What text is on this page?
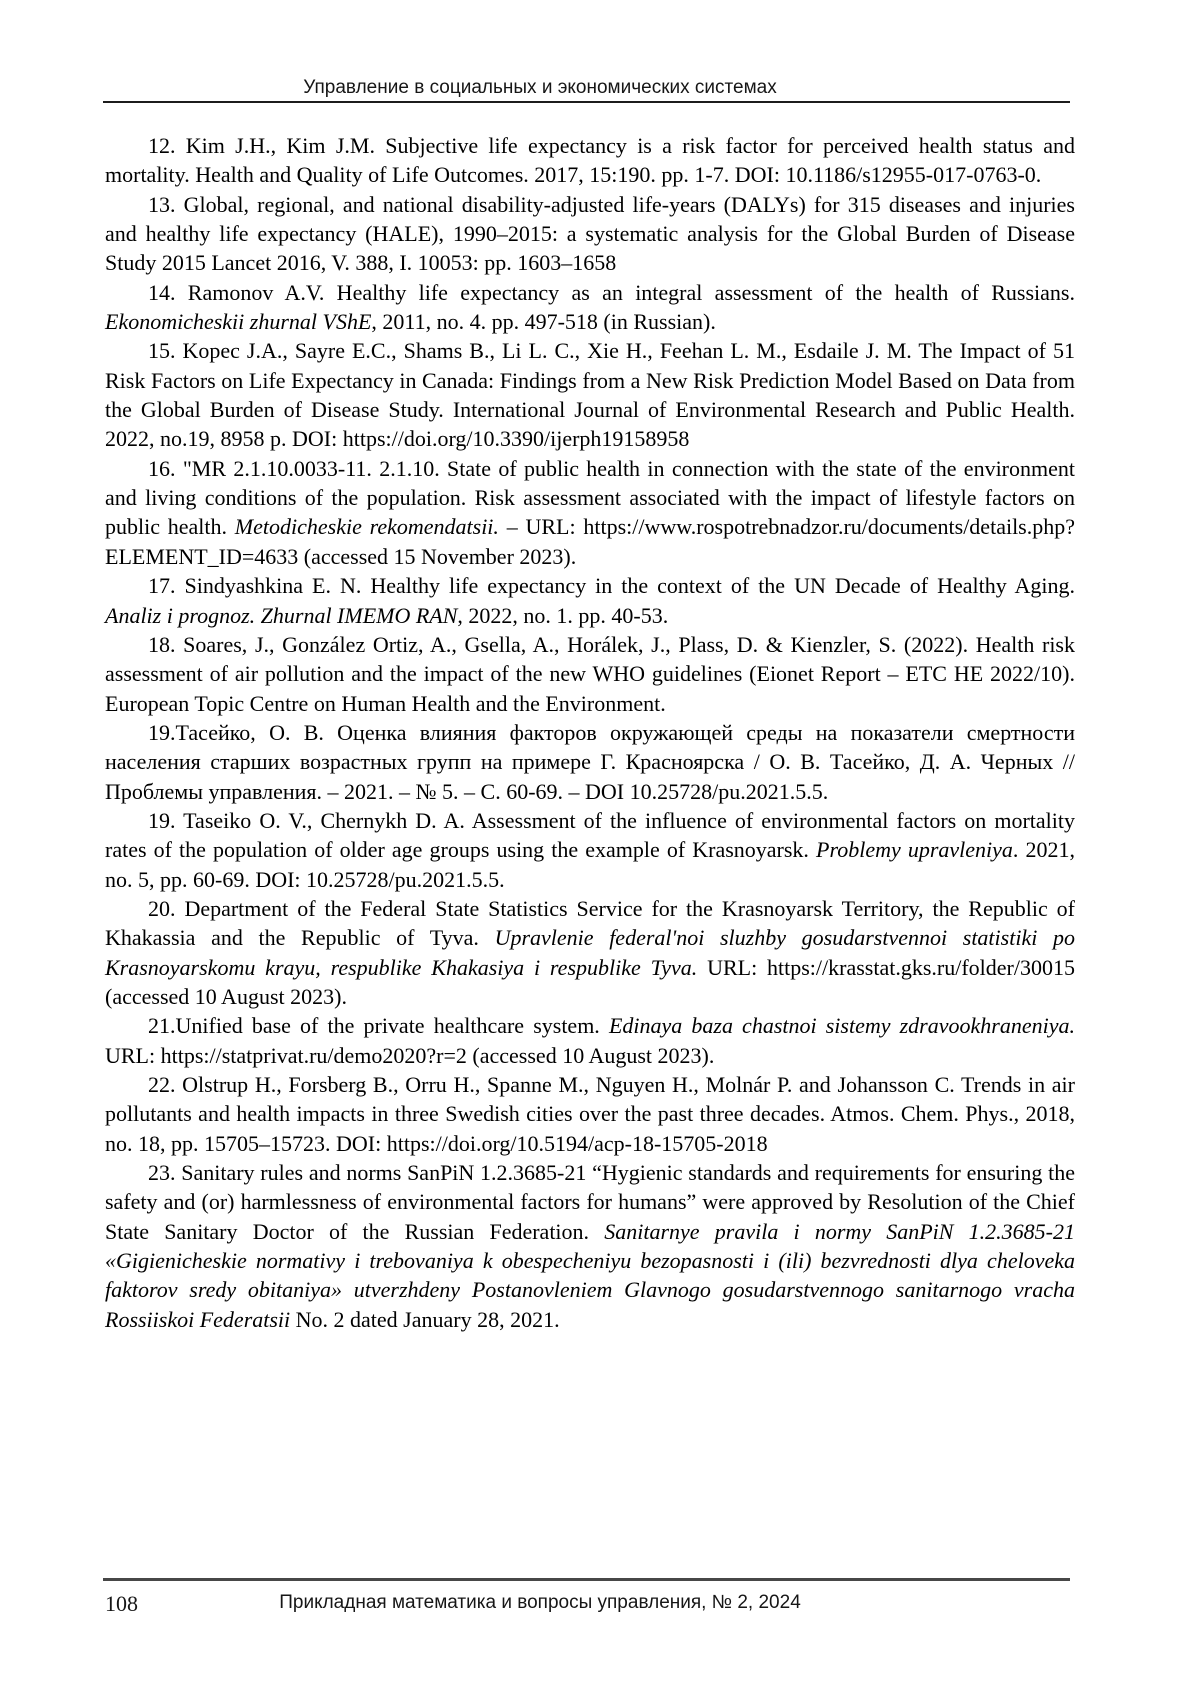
Управление в социальных и экономических системах

12. Kim J.H., Kim J.M. Subjective life expectancy is a risk factor for perceived health status and mortality. Health and Quality of Life Outcomes. 2017, 15:190. pp. 1-7. DOI: 10.1186/​s12955-017-0763-0.

13. Global, regional, and national disability-adjusted life-years (DALYs) for 315 diseases and injuries and healthy life expectancy (HALE), 1990–2015: a systematic analysis for the Global Burden of Disease Study 2015 Lancet 2016, V. 388, I. 10053: pp. 1603–1658

14. Ramonov A.V. Healthy life expectancy as an integral assessment of the health of Russians. Ekonomicheskii zhurnal VShE, 2011, no. 4. pp. 497-518 (in Russian).

15. Kopec J.A., Sayre E.C., Shams B., Li L. C., Xie H., Feehan L. M., Esdaile J. M. The Impact of 51 Risk Factors on Life Expectancy in Canada: Findings from a New Risk Prediction Model Based on Data from the Global Burden of Disease Study. International Journal of Environmental Research and Public Health. 2022, no.19, 8958 p. DOI: https://doi.org/​10.3390/ijerph19158958

16. "MR 2.1.10.0033-11. 2.1.10. State of public health in connection with the state of the environment and living conditions of the population. Risk assessment associated with the impact of lifestyle factors on public health. Metodicheskie rekomendatsii. – URL: https://www.rospotrebnadzor.ru/​documents/details.php?ELEMENT_ID=4633 (accessed 15 November 2023).

17. Sindyashkina E. N. Healthy life expectancy in the context of the UN Decade of Healthy Aging. Analiz i prognoz. Zhurnal IMEMO RAN, 2022, no. 1. pp. 40-53.

18. Soares, J., González Ortiz, A., Gsella, A., Horálek, J., Plass, D. & Kienzler, S. (2022). Health risk assessment of air pollution and the impact of the new WHO guidelines (Eionet Report – ETC HE 2022/10). European Topic Centre on Human Health and the Environment.

19.Тасейко, О. В. Оценка влияния факторов окружающей среды на показатели смертности населения старших возрастных групп на примере Г. Красноярска / О. В. Тасейко, Д. А. Черных // Проблемы управления. – 2021. – № 5. – С. 60-69. – DOI 10.25728/pu.2021.5.5.

19. Taseiko O. V., Chernykh D. A. Assessment of the influence of environmental factors on mortality rates of the population of older age groups using the example of Krasnoyarsk. Problemy upravleniya. 2021, no. 5, pp. 60-69. DOI: 10.25728/pu.2021.5.5.

20. Department of the Federal State Statistics Service for the Krasnoyarsk Territory, the Republic of Khakassia and the Republic of Tyva. Upravlenie federal'noi sluzhby gosudarstvennoi statistiki po Krasnoyarskomu krayu, respublike Khakasiya i respublike Tyva. URL: https://krasstat.gks.ru/folder/30015 (accessed 10 August 2023).

21.Unified base of the private healthcare system. Edinaya baza chastnoi sistemy zdravookhraneniya. URL: https://statprivat.ru/demo2020?r=2 (accessed 10 August 2023).

22. Olstrup H., Forsberg B., Orru H., Spanne M., Nguyen H., Molnár P. and Johansson C. Trends in air pollutants and health impacts in three Swedish cities over the past three decades. Atmos. Chem. Phys., 2018, no. 18, pp. 15705–15723. DOI: https://doi.org/​10.5194/acp-18-15705-2018

23. Sanitary rules and norms SanPiN 1.2.3685-21 “Hygienic standards and requirements for ensuring the safety and (or) harmlessness of environmental factors for humans” were approved by Resolution of the Chief State Sanitary Doctor of the Russian Federation. Sanitarnye pravila i normy SanPiN 1.2.3685-21 «Gigienicheskie normativy i trebovaniya k obespecheniyu bezopasnosti i (ili) bezvrednosti dlya cheloveka faktorov sredy obitaniya» utverzhdeny Postanovleniem Glavnogo gosudarstvennogo sanitarnogo vracha Rossiiskoi Federatsii No. 2 dated January 28, 2021.

108	Прикладная математика и вопросы управления, № 2, 2024
